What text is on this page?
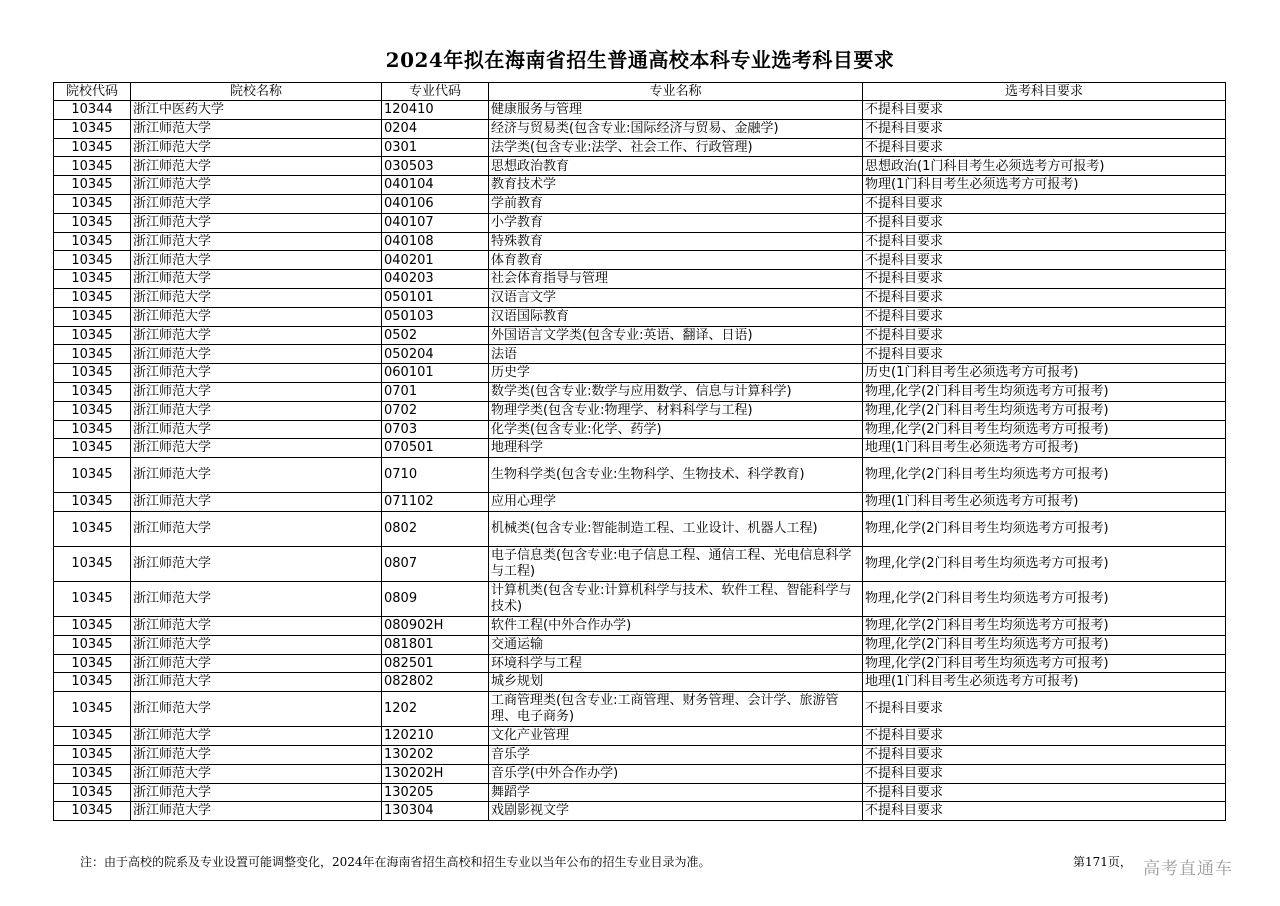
2024年拟在海南省招生普通高校本科专业选考科目要求
院校代码	院校名称	专业代码	专业名称	选考科目要求
10344	浙江中医药大学	120410	健康服务与管理	不提科目要求
10345	浙江师范大学	0204	经济与贸易类(包含专业:国际经济与贸易、金融学)	不提科目要求
10345	浙江师范大学	0301	法学类(包含专业:法学、社会工作、行政管理)	不提科目要求
10345	浙江师范大学	030503	思想政治教育	思想政治(1门科目考生必须选考方可报考)
10345	浙江师范大学	040104	教育技术学	物理(1门科目考生必须选考方可报考)
10345	浙江师范大学	040106	学前教育	不提科目要求
10345	浙江师范大学	040107	小学教育	不提科目要求
10345	浙江师范大学	040108	特殊教育	不提科目要求
10345	浙江师范大学	040201	体育教育	不提科目要求
10345	浙江师范大学	040203	社会体育指导与管理	不提科目要求
10345	浙江师范大学	050101	汉语言文学	不提科目要求
10345	浙江师范大学	050103	汉语国际教育	不提科目要求
10345	浙江师范大学	0502	外国语言文学类(包含专业:英语、翻译、日语)	不提科目要求
10345	浙江师范大学	050204	法语	不提科目要求
10345	浙江师范大学	060101	历史学	历史(1门科目考生必须选考方可报考)
10345	浙江师范大学	0701	数学类(包含专业:数学与应用数学、信息与计算科学)	物理,化学(2门科目考生均须选考方可报考)
10345	浙江师范大学	0702	物理学类(包含专业:物理学、材料科学与工程)	物理,化学(2门科目考生均须选考方可报考)
10345	浙江师范大学	0703	化学类(包含专业:化学、药学)	物理,化学(2门科目考生均须选考方可报考)
10345	浙江师范大学	070501	地理科学	地理(1门科目考生必须选考方可报考)
10345	浙江师范大学	0710	生物科学类(包含专业:生物科学、生物技术、科学教育)	物理,化学(2门科目考生均须选考方可报考)
10345	浙江师范大学	071102	应用心理学	物理(1门科目考生必须选考方可报考)
10345	浙江师范大学	0802	机械类(包含专业:智能制造工程、工业设计、机器人工程)	物理,化学(2门科目考生均须选考方可报考)
10345	浙江师范大学	0807	电子信息类(包含专业:电子信息工程、通信工程、光电信息科学与工程)	物理,化学(2门科目考生均须选考方可报考)
10345	浙江师范大学	0809	计算机类(包含专业:计算机科学与技术、软件工程、智能科学与技术)	物理,化学(2门科目考生均须选考方可报考)
10345	浙江师范大学	080902H	软件工程(中外合作办学)	物理,化学(2门科目考生均须选考方可报考)
10345	浙江师范大学	081801	交通运输	物理,化学(2门科目考生均须选考方可报考)
10345	浙江师范大学	082501	环境科学与工程	物理,化学(2门科目考生均须选考方可报考)
10345	浙江师范大学	082802	城乡规划	地理(1门科目考生必须选考方可报考)
10345	浙江师范大学	1202	工商管理类(包含专业:工商管理、财务管理、会计学、旅游管理、电子商务)	不提科目要求
10345	浙江师范大学	120210	文化产业管理	不提科目要求
10345	浙江师范大学	130202	音乐学	不提科目要求
10345	浙江师范大学	130202H	音乐学(中外合作办学)	不提科目要求
10345	浙江师范大学	130205	舞蹈学	不提科目要求
10345	浙江师范大学	130304	戏剧影视文学	不提科目要求
注：由于高校的院系及专业设置可能调整变化，2024年在海南省招生高校和招生专业以当年公布的招生专业目录为准。	第171页， 高考直通车
